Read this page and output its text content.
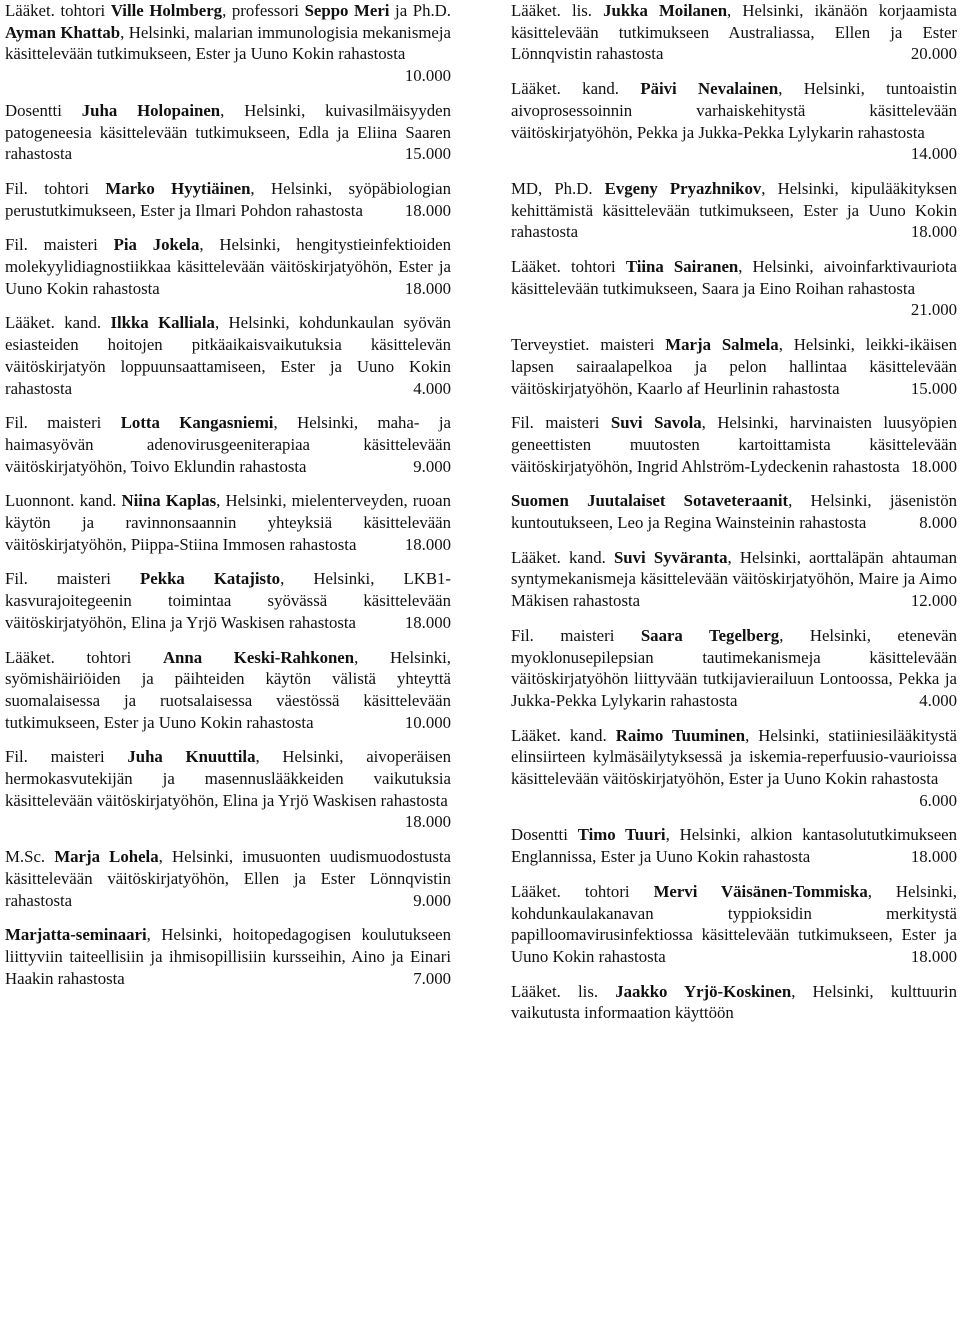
Lääket. tohtori Ville Holmberg, professori Seppo Meri ja Ph.D. Ayman Khattab, Helsinki, malarian immunologisia mekanismeja käsittelevään tutkimukseen, Ester ja Uuno Kokin rahastosta
10.000
Dosentti Juha Holopainen, Helsinki, kuivasilmäisyyden patogeneesia käsittelevään tutkimukseen, Edla ja Eliina Saaren rahastosta	15.000
Fil. tohtori Marko Hyytiäinen, Helsinki, syöpäbiologian perustutkimukseen, Ester ja Ilmari Pohdon rahastosta	18.000
Fil. maisteri Pia Jokela, Helsinki, hengitystieinfektioiden molekyylidiagnostiikkaa käsittelevään väitöskirjatyöhön, Ester ja Uuno Kokin rahastosta	18.000
Lääket. kand. Ilkka Kalliala, Helsinki, kohdunkaulan syövän esiasteiden hoitojen pitkäaikaisvaikutuksia käsittelevän väitöskirjatyön loppuunsaattamiseen, Ester ja Uuno Kokin rahastosta	4.000
Fil. maisteri Lotta Kangasniemi, Helsinki, maha- ja haimasyövän adenovirusgeeniterapiaa käsittelevään väitöskirjatyöhön, Toivo Eklundin rahastosta	9.000
Luonnont. kand. Niina Kaplas, Helsinki, mielenterveyden, ruoan käytön ja ravinnonsaannin yhteyksiä käsittelevään väitöskirjatyöhön, Piippa-Stiina Immosen rahastosta	18.000
Fil. maisteri Pekka Katajisto, Helsinki, LKB1-kasvurajoitegeenin toimintaa syövässä käsittelevään väitöskirjatyöhön, Elina ja Yrjö Waskisen rahastosta	18.000
Lääket. tohtori Anna Keski-Rahkonen, Helsinki, syömishäiriöiden ja päihteiden käytön välistä yhteyttä suomalaisessa ja ruotsalaisessa väestössä käsittelevään tutkimukseen, Ester ja Uuno Kokin rahastosta	10.000
Fil. maisteri Juha Knuuttila, Helsinki, aivoperäisen hermokasvutekijän ja masennuslääkkeiden vaikutuksia käsittelevään väitöskirjatyöhön, Elina ja Yrjö Waskisen rahastosta
18.000
M.Sc. Marja Lohela, Helsinki, imusuonten uudismuodostusta käsittelevään väitöskirjatyöhön, Ellen ja Ester Lönnqvistin rahastosta	9.000
Marjatta-seminaari, Helsinki, hoitopedagogisen koulutukseen liittyviin taiteellisiin ja ihmisopillisiin kursseihin, Aino ja Einari Haakin rahastosta	7.000
Lääket. lis. Jukka Moilanen, Helsinki, ikänäön korjaamista käsittelevään tutkimukseen Australiassa, Ellen ja Ester Lönnqvistin rahastosta	20.000
Lääket. kand. Päivi Nevalainen, Helsinki, tuntoaistin aivoprosessoinnin varhaiskehitystä käsittelevään väitöskirjatyöhön, Pekka ja Jukka-Pekka Lylykarin rahastosta
14.000
MD, Ph.D. Evgeny Pryazhnikov, Helsinki, kipulääkityksen kehittämistä käsittelevään tutkimukseen, Ester ja Uuno Kokin rahastosta	18.000
Lääket. tohtori Tiina Sairanen, Helsinki, aivoinfarktivauriota käsittelevään tutkimukseen, Saara ja Eino Roihan rahastosta
21.000
Terveystiet. maisteri Marja Salmela, Helsinki, leikki-ikäisen lapsen sairaalapelkoa ja pelon hallintaa käsittelevään väitöskirjatyöhön, Kaarlo af Heurlinin rahastosta	15.000
Fil. maisteri Suvi Savola, Helsinki, harvinaisten luusyöpien geneettisten muutosten kartoittamista käsittelevään väitöskirjatyöhön, Ingrid Ahlström-Lydeckenin rahastosta 18.000
Suomen Juutalaiset Sotaveteraanit, Helsinki, jäsenistön kuntoutukseen, Leo ja Regina Wainsteinin rahastosta	8.000
Lääket. kand. Suvi Syväranta, Helsinki, aorttaläpän ahtauman syntymekanismeja käsittelevään väitöskirjatyöhön, Maire ja Aimo Mäkisen rahastosta	12.000
Fil. maisteri Saara Tegelberg, Helsinki, etenevän myoklonusepilepsian tautimekanismeja käsittelevään väitöskirjatyöhön liittyvään tutkijavierailuun Lontoossa, Pekka ja Jukka-Pekka Lylykarin rahastosta	4.000
Lääket. kand. Raimo Tuuminen, Helsinki, statiiniesilääkitystä elinsiirteen kylmäsäilytyksessä ja iskemia-reperfuusio-vaurioissa käsittelevään väitöskirjatyöhön, Ester ja Uuno Kokin rahastosta
6.000
Dosentti Timo Tuuri, Helsinki, alkion kantasolututkimukseen Englannissa, Ester ja Uuno Kokin rahastosta	18.000
Lääket. tohtori Mervi Väisänen-Tommiska, Helsinki, kohdunkaulakanavan typpioksidin merkitystä papilloomavirusinfektiossa käsittelevään tutkimukseen, Ester ja Uuno Kokin rahastosta	18.000
Lääket. lis. Jaakko Yrjö-Koskinen, Helsinki, kulttuurin vaikutusta informaation käyttöön
